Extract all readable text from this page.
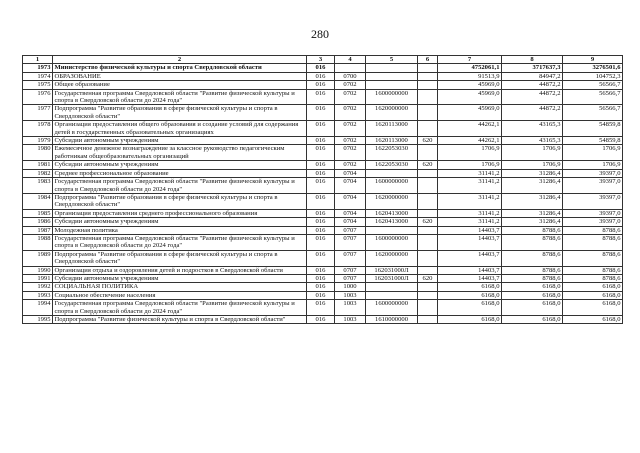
280
1	2	3	4	5	6	7	8	9
1973	Министерство физической культуры и спорта Свердловской области	016				4752061,1	3717637,3	3276501,6
1974	ОБРАЗОВАНИЕ	016	0700			91513,9	84947,2	104752,3
1975	Общее образование	016	0702			45969,0	44872,2	56566,7
1976	Государственная программа Свердловской области "Развитие физической культуры и спорта в Свердловской области до 2024 года"	016	0702	1600000000		45969,0	44872,2	56566,7
1977	Подпрограмма "Развитие образования в сфере физической культуры и спорта в Свердловской области"	016	0702	1620000000		45969,0	44872,2	56566,7
1978	Организация предоставления общего образования и создание условий для содержания детей в государственных образовательных организациях	016	0702	1620113000		44262,1	43165,3	54859,8
1979	Субсидии автономным учреждениям	016	0702	1620113000	620	44262,1	43165,3	54859,8
1980	Ежемесячное денежное вознаграждение за классное руководство педагогическим работникам общеобразовательных организаций	016	0702	1622053030		1706,9	1706,9	1706,9
1981	Субсидии автономным учреждениям	016	0702	1622053030	620	1706,9	1706,9	1706,9
1982	Среднее профессиональное образование	016	0704			31141,2	31286,4	39397,0
1983	Государственная программа Свердловской области "Развитие физической культуры и спорта в Свердловской области до 2024 года"	016	0704	1600000000		31141,2	31286,4	39397,0
1984	Подпрограмма "Развитие образования в сфере физической культуры и спорта в Свердловской области"	016	0704	1620000000		31141,2	31286,4	39397,0
1985	Организация предоставления среднего профессионального образования	016	0704	1620413000		31141,2	31286,4	39397,0
1986	Субсидии автономным учреждениям	016	0704	1620413000	620	31141,2	31286,4	39397,0
1987	Молодежная политика	016	0707			14403,7	8788,6	8788,6
1988	Государственная программа Свердловской области "Развитие физической культуры и спорта в Свердловской области до 2024 года"	016	0707	1600000000		14403,7	8788,6	8788,6
1989	Подпрограмма "Развитие образования в сфере физической культуры и спорта в Свердловской области"	016	0707	1620000000		14403,7	8788,6	8788,6
1990	Организация отдыха и оздоровления детей и подростков в Свердловской области	016	0707	162031000Л		14403,7	8788,6	8788,6
1991	Субсидии автономным учреждениям	016	0707	162031000Л	620	14403,7	8788,6	8788,6
1992	СОЦИАЛЬНАЯ ПОЛИТИКА	016	1000			6168,0	6168,0	6168,0
1993	Социальное обеспечение населения	016	1003			6168,0	6168,0	6168,0
1994	Государственная программа Свердловской области "Развитие физической культуры и спорта в Свердловской области до 2024 года"	016	1003	1600000000		6168,0	6168,0	6168,0
1995	Подпрограмма "Развитие физической культуры и спорта в Свердловской области"	016	1003	1610000000		6168,0	6168,0	6168,0
